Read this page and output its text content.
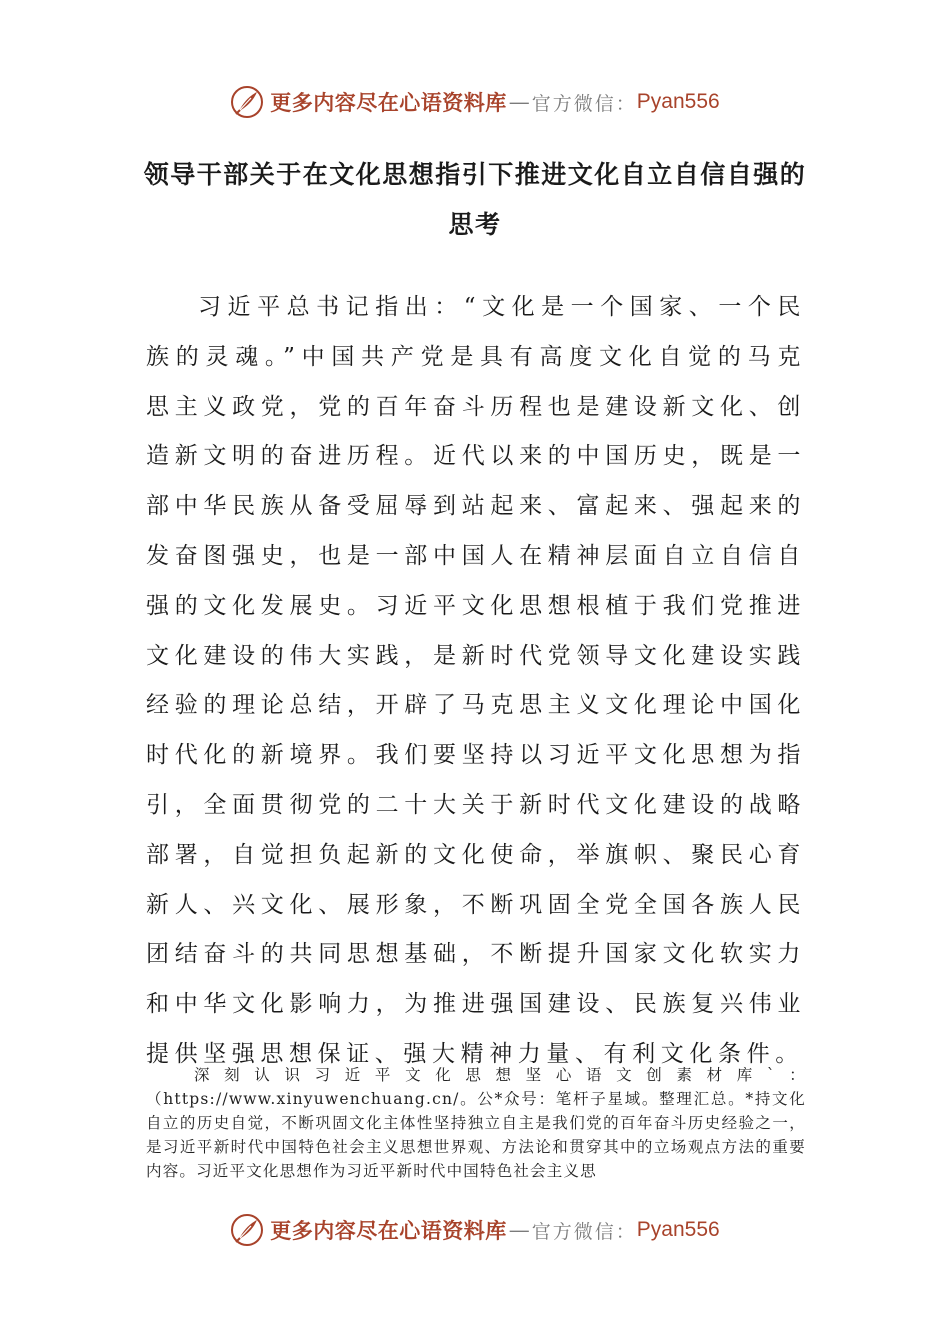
更多内容尽在心语资料库 — 官方微信： Pyan556
领导干部关于在文化思想指引下推进文化自立自信自强的
思考

习近平总书记指出：“文化是一个国家、一个民族的灵魂。”中国共产党是具有高度文化自觉的马克思主义政党，党的百年奋斗历程也是建设新文化、创造新文明的奋进历程。近代以来的中国历史，既是一部中华民族从备受屈辱到站起来、富起来、强起来的发奋图强史，也是一部中国人在精神层面自立自信自强的文化发展史。习近平文化思想根植于我们党推进文化建设的伟大实践，是新时代党领导文化建设实践经验的理论总结，开辟了马克思主义文化理论中国化时代化的新境界。我们要坚持以习近平文化思想为指引，全面贯彻党的二十大关于新时代文化建设的战略部署，自觉担负起新的文化使命，举旗帜、聚民心育新人、兴文化、展形象，不断巩固全党全国各族人民团结奋斗的共同思想基础，不断提升国家文化软实力和中华文化影响力，为推进强国建设、民族复兴伟业提供坚强思想保证、强大精神力量、有利文化条件。

深刻认识习近平文化思想坚心语文创素材库`：（https://www.xinyuwenchuang.cn/。公*众号：笔杆子星域。整理汇总。*持文化自立的历史自觉，不断巩固文化主体性坚持独立自主是我们党的百年奋斗历史经验之一，是习近平新时代中国特色社会主义思想世界观、方法论和贯穿其中的立场观点方法的重要内容。习近平文化思想作为习近平新时代中国特色社会主义思

更多内容尽在心语资料库 — 官方微信： Pyan556
